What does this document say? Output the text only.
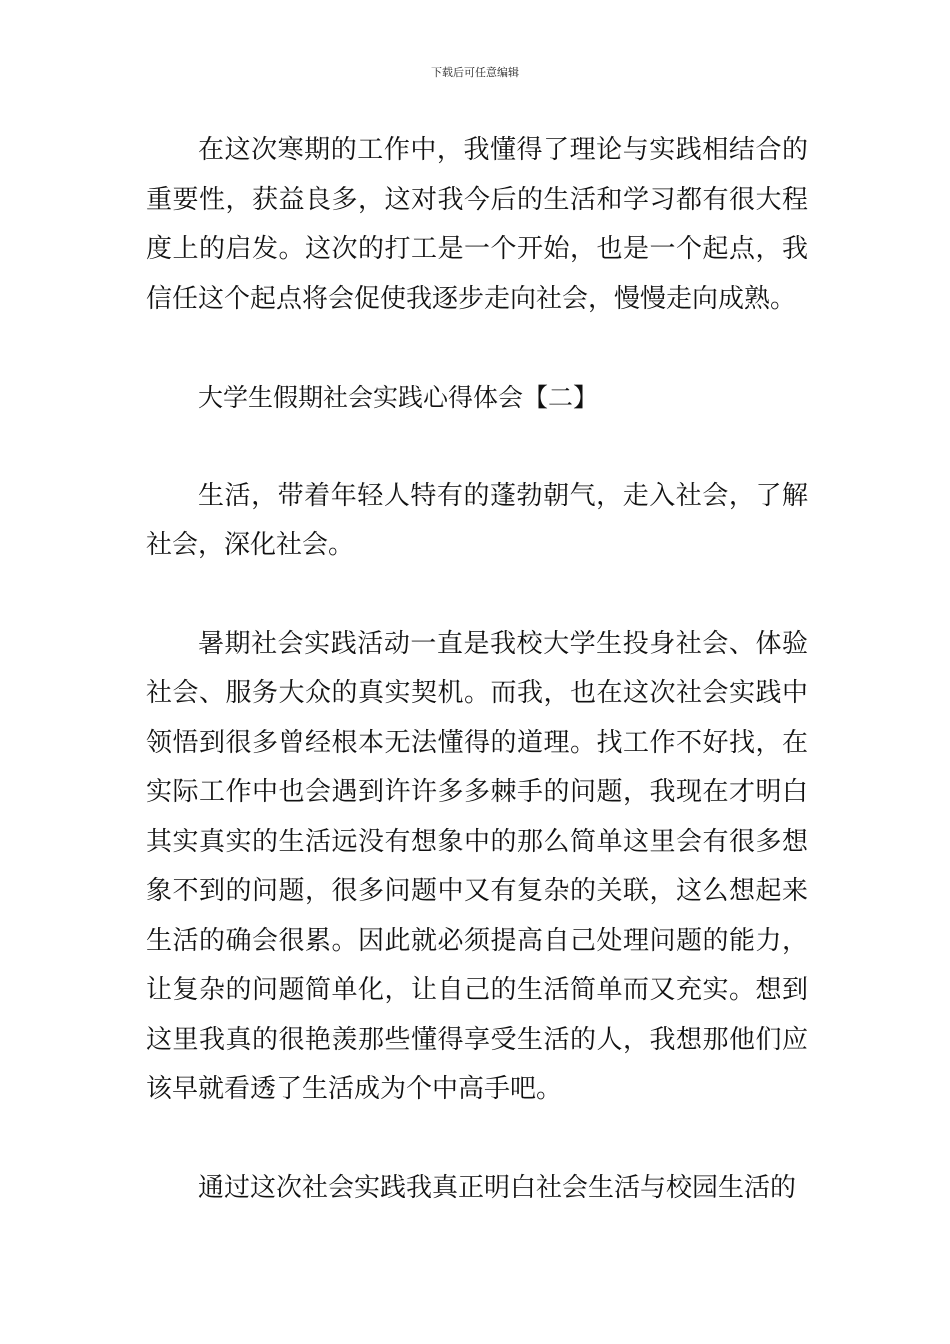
下载后可任意编辑

在这次寒期的工作中，我懂得了理论与实践相结合的重要性，获益良多，这对我今后的生活和学习都有很大程度上的启发。这次的打工是一个开始，也是一个起点，我信任这个起点将会促使我逐步走向社会，慢慢走向成熟。

大学生假期社会实践心得体会【二】

生活，带着年轻人特有的蓬勃朝气，走入社会，了解社会，深化社会。

暑期社会实践活动一直是我校大学生投身社会、体验社会、服务大众的真实契机。而我，也在这次社会实践中领悟到很多曾经根本无法懂得的道理。找工作不好找，在实际工作中也会遇到许许多多棘手的问题，我现在才明白其实真实的生活远没有想象中的那么简单这里会有很多想象不到的问题，很多问题中又有复杂的关联，这么想起来生活的确会很累。因此就必须提高自己处理问题的能力，让复杂的问题简单化，让自己的生活简单而又充实。想到这里我真的很艳羡那些懂得享受生活的人，我想那他们应该早就看透了生活成为个中高手吧。

通过这次社会实践我真正明白社会生活与校园生活的
